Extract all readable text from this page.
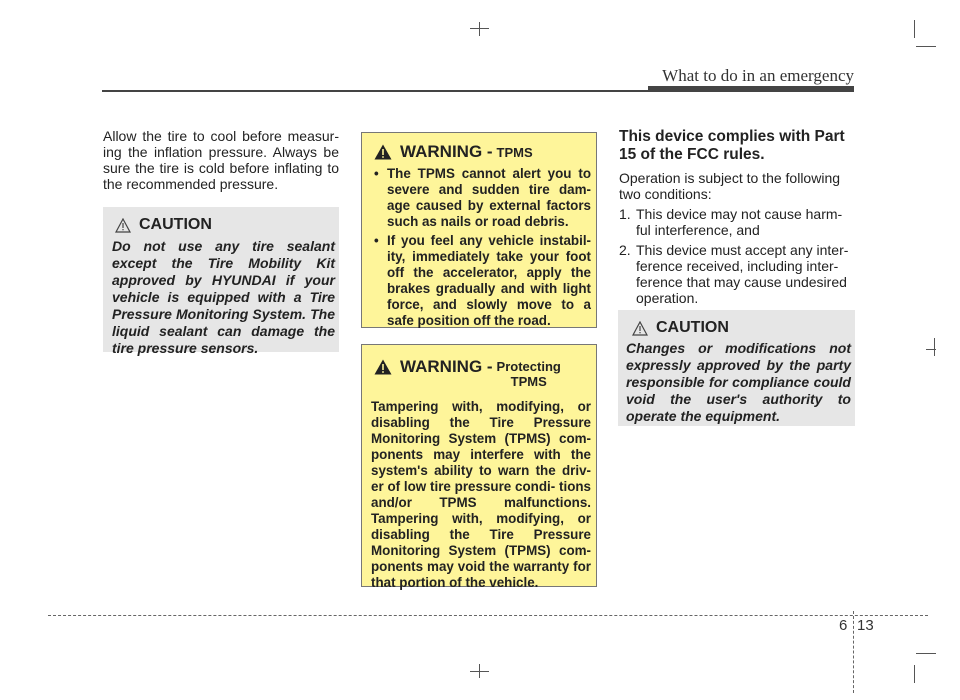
What to do in an emergency
Allow the tire to cool before measur- ing the inflation pressure. Always be sure the tire is cold before inflating to the recommended pressure.
CAUTION
Do not use any tire sealant except the Tire Mobility Kit approved by HYUNDAI if your vehicle is equipped with a Tire Pressure Monitoring System. The liquid sealant can damage the tire pressure sensors.
WARNING - TPMS
• The TPMS cannot alert you to severe and sudden tire dam- age caused by external factors such as nails or road debris.
• If you feel any vehicle instabil- ity, immediately take your foot off the accelerator, apply the brakes gradually and with light force, and slowly move to a safe position off the road.
WARNING - Protecting
TPMS
Tampering with, modifying, or disabling the Tire Pressure Monitoring System (TPMS) com- ponents may interfere with the system's ability to warn the driv- er of low tire pressure condi- tions and/or TPMS malfunctions. Tampering with, modifying, or disabling the Tire Pressure Monitoring System (TPMS) com- ponents may void the warranty for that portion of the vehicle.
This device complies with Part 15 of the FCC rules.
Operation is subject to the following two conditions:
1. This device may not cause harm- ful interference, and
2. This device must accept any inter- ference received, including inter- ference that may cause undesired operation.
CAUTION
Changes or modifications not expressly approved by the party responsible for compliance could void the user's authority to operate the equipment.
6 13
